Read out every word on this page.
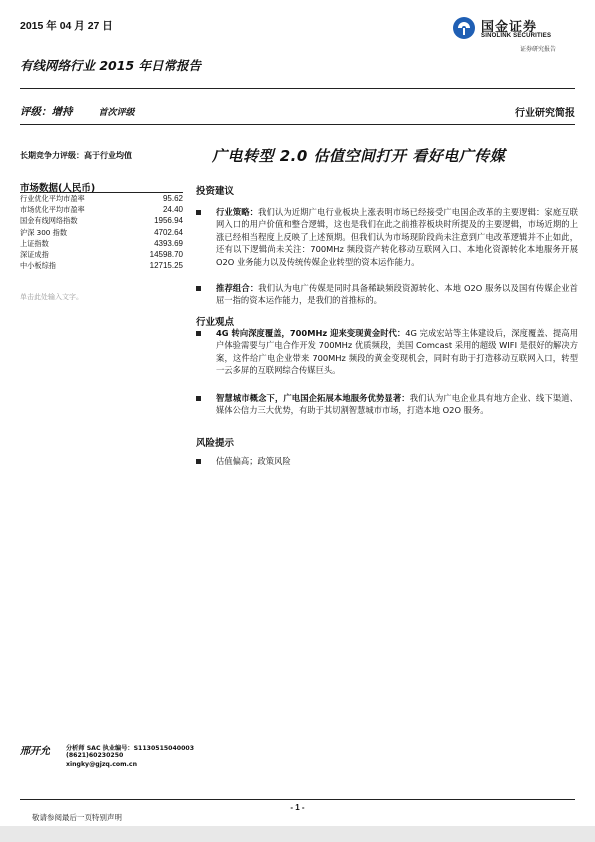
2015 年 04 月 27 日	国金证券
SINOLINK SECURITIES
证券研究报告
有线网络行业 2015 年日常报告
评级：增持	首次评级	行业研究简报
长期竞争力评级：高于行业均值	广电转型 2.0 估值空间打开 看好电广传媒
市场数据(人民币)
行业优化平均市盈率	95.62
市场优化平均市盈率	24.40
国金有线网络指数	1956.94
沪深 300 指数	4702.64
上证指数	4393.69
深证成指	14598.70
中小板综指	12715.25
单击此处输入文字。
投资建议
行业策略：我们认为近期广电行业板块上涨表明市场已经接受广电国企改革的主要逻辑：家庭互联网入口的用户价值和整合逻辑，这也是我们在此之前推荐板块时所提及的主要逻辑，市场近期的上涨已经相当程度上反映了上述预期。但我们认为市场现阶段尚未注意到广电改革逻辑并不止如此，还有以下逻辑尚未关注：700MHz 频段资产转化移动互联网入口、本地化资源转化本地服务开展 O2O 业务能力以及传统传媒企业转型的资本运作能力。
推荐组合：我们认为电广传媒是同时具备稀缺频段资源转化、本地 O2O 服务以及国有传媒企业首屈一指的资本运作能力，是我们的首推标的。
行业观点
4G 转向深度覆盖，700MHz 迎来变现黄金时代：4G 完成宏站等主体建设后，深度覆盖、提高用户体验需要与广电合作开发 700MHz 优质频段，美国 Comcast 采用的超级 WIFI 是很好的解决方案，这件给广电企业带来 700MHz 频段的黄金变现机会，同时有助于打造移动互联网入口，转型一云多屏的互联网综合传媒巨头。
智慧城市概念下，广电国企拓展本地服务优势显著：我们认为广电企业具有地方企业、线下渠道、媒体公信力三大优势，有助于其切割智慧城市市场，打造本地 O2O 服务。
风险提示
估值偏高；政策风险
邢开允	分析师 SAC 执业编号：S1130515040003
(8621)60230250
xingky@gjzq.com.cn
- 1 -
敬请参阅最后一页特别声明
